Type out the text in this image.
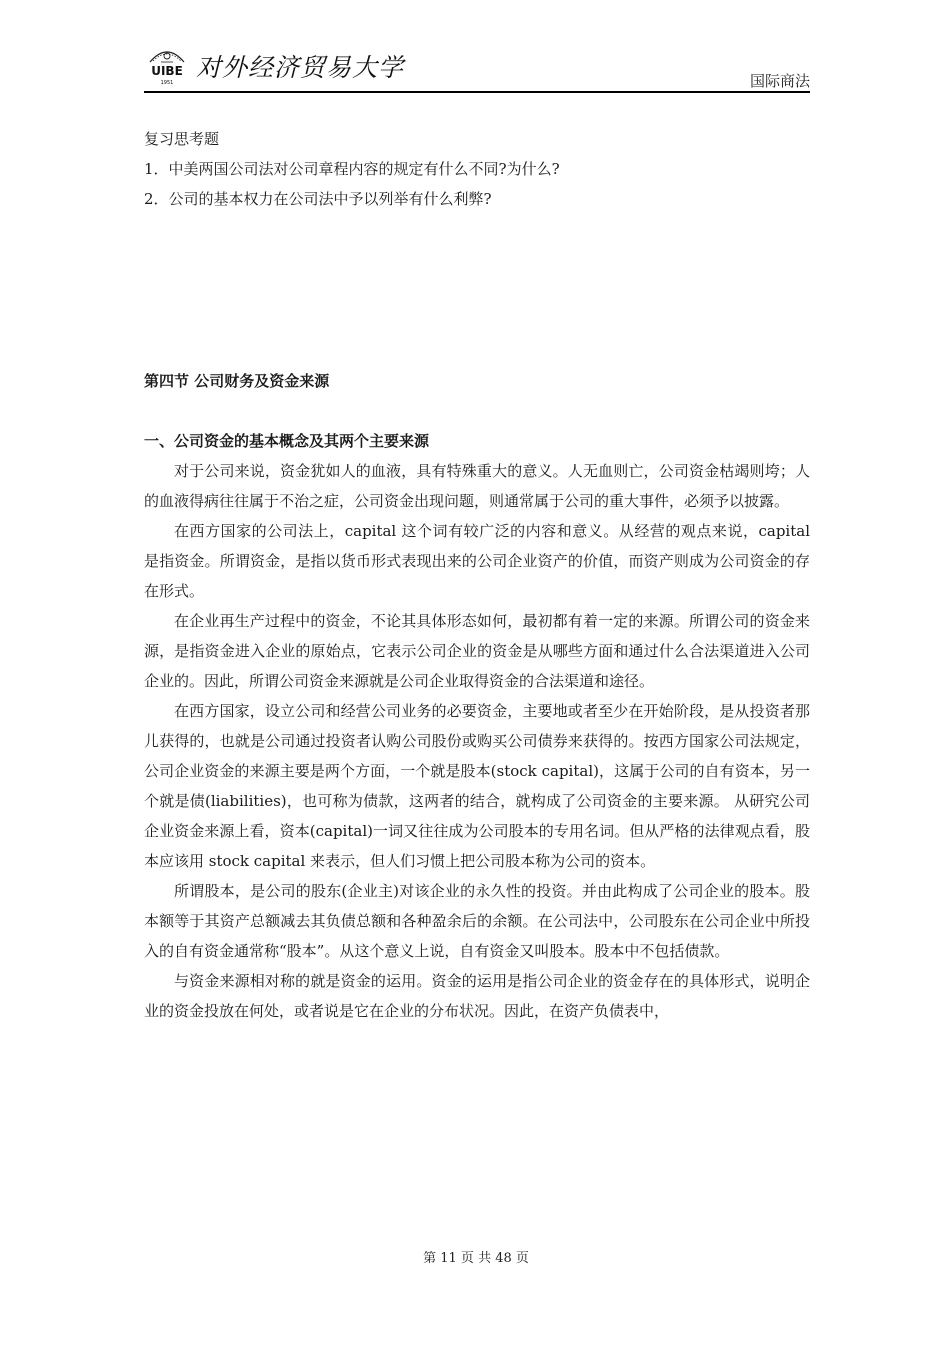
UIBE
1951
对外经济贸易大学	国际商法
复习思考题
1．中美两国公司法对公司章程内容的规定有什么不同?为什么?
2．公司的基本权力在公司法中予以列举有什么利弊?
第四节 公司财务及资金来源
一、公司资金的基本概念及其两个主要来源

对于公司来说，资金犹如人的血液，具有特殊重大的意义。人无血则亡，公司资金枯竭则垮；人的血液得病往往属于不治之症，公司资金出现问题，则通常属于公司的重大事件，必须予以披露。

在西方国家的公司法上，capital 这个词有较广泛的内容和意义。从经营的观点来说，capital 是指资金。所谓资金，是指以货币形式表现出来的公司企业资产的价值，而资产则成为公司资金的存在形式。

在企业再生产过程中的资金，不论其具体形态如何，最初都有着一定的来源。所谓公司的资金来源，是指资金进入企业的原始点，它表示公司企业的资金是从哪些方面和通过什么合法渠道进入公司企业的。因此，所谓公司资金来源就是公司企业取得资金的合法渠道和途径。

在西方国家，设立公司和经营公司业务的必要资金，主要地或者至少在开始阶段，是从投资者那儿获得的，也就是公司通过投资者认购公司股份或购买公司债券来获得的。按西方国家公司法规定，公司企业资金的来源主要是两个方面，一个就是股本(stock capital)，这属于公司的自有资本，另一个就是债(liabilities)，也可称为债款，这两者的结合，就构成了公司资金的主要来源。 从研究公司企业资金来源上看，资本(capital)一词又往往成为公司股本的专用名词。但从严格的法律观点看，股本应该用 stock capital 来表示，但人们习惯上把公司股本称为公司的资本。

所谓股本，是公司的股东(企业主)对该企业的永久性的投资。并由此构成了公司企业的股本。股本额等于其资产总额减去其负债总额和各种盈余后的余额。在公司法中，公司股东在公司企业中所投入的自有资金通常称“股本”。从这个意义上说，自有资金又叫股本。股本中不包括债款。

与资金来源相对称的就是资金的运用。资金的运用是指公司企业的资金存在的具体形式，说明企业的资金投放在何处，或者说是它在企业的分布状况。因此，在资产负债表中，

第 11 页 共 48 页
